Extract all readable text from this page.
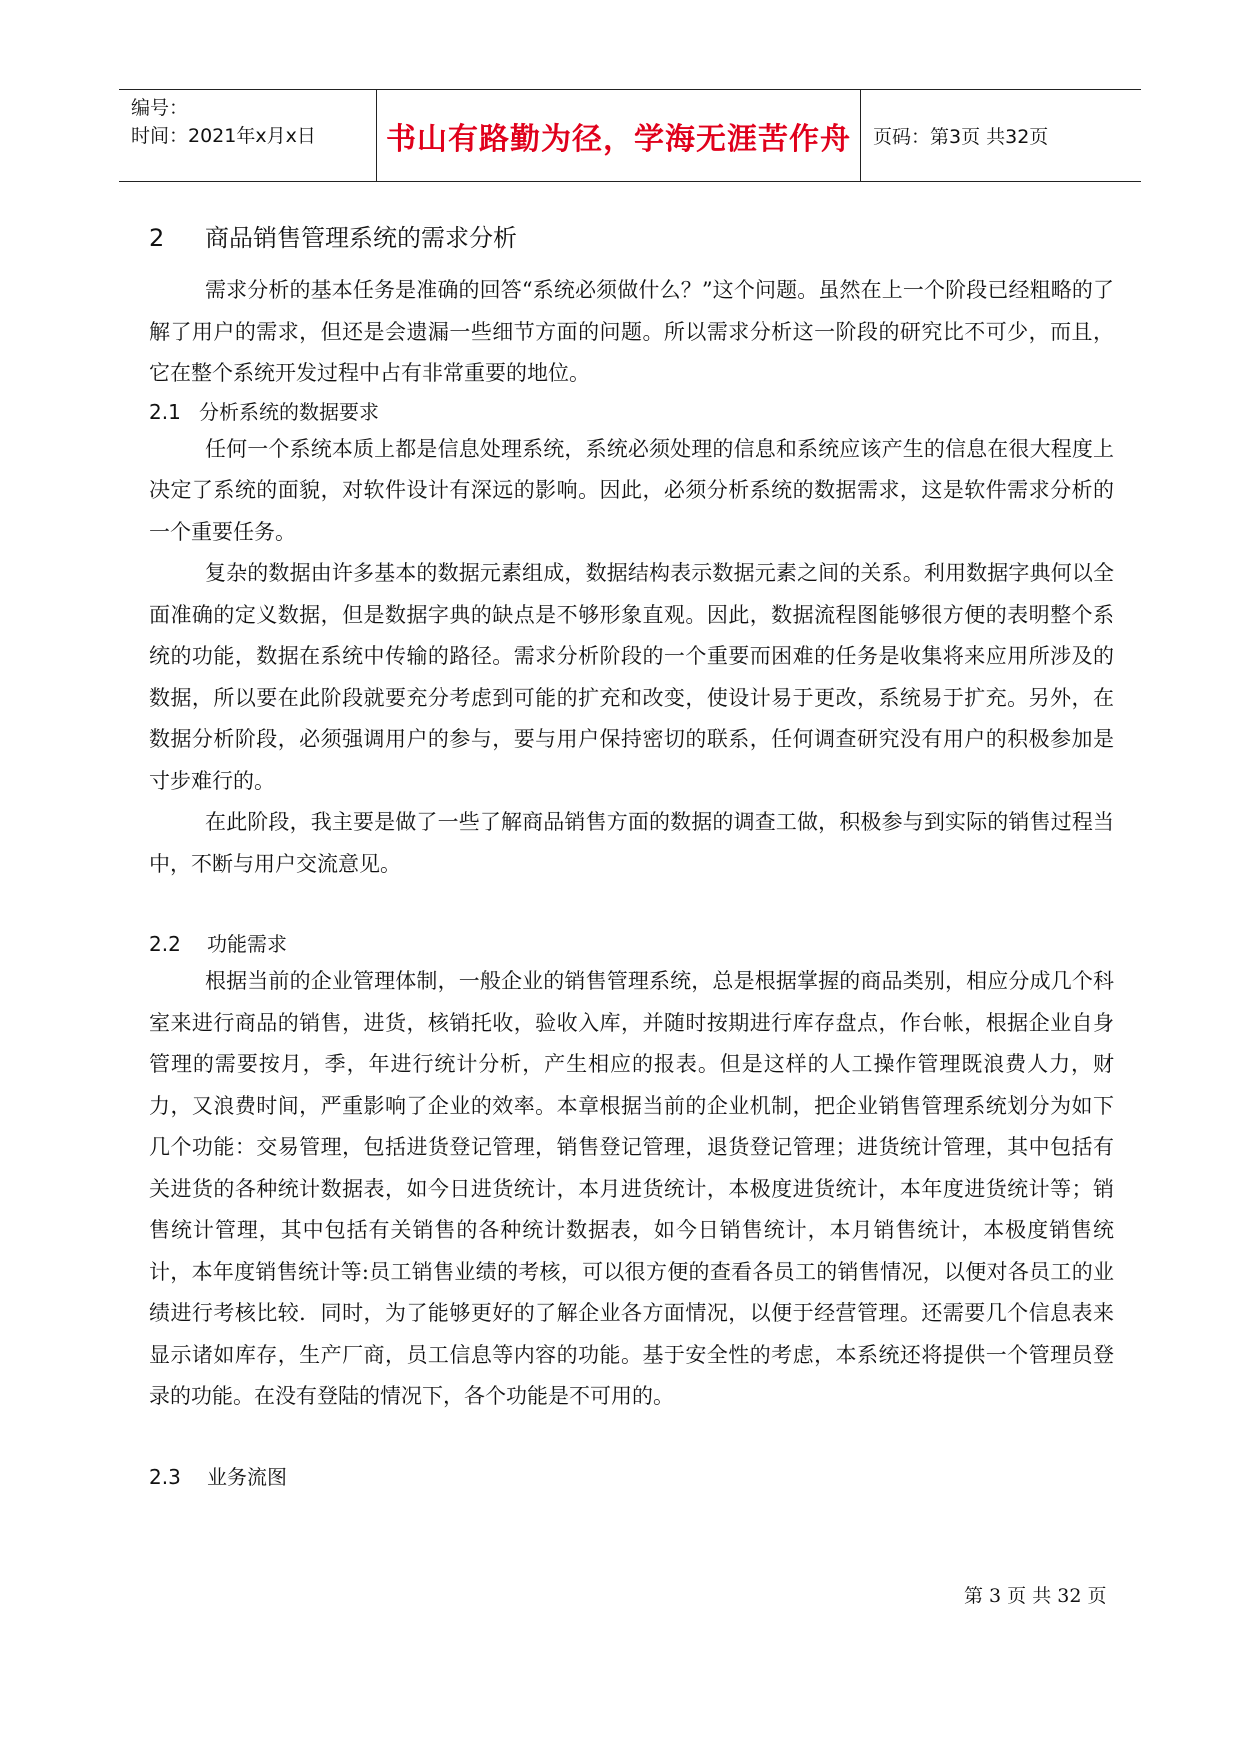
编号：
时间：2021年x月x日	书山有路勤为径，学海无涯苦作舟	页码：第3页 共32页
2 商品销售管理系统的需求分析

需求分析的基本任务是准确的回答“系统必须做什么？”这个问题。虽然在上一个阶段已经粗略的了解了用户的需求，但还是会遗漏一些细节方面的问题。所以需求分析这一阶段的研究比不可少，而且，它在整个系统开发过程中占有非常重要的地位。

2.1 分析系统的数据要求

任何一个系统本质上都是信息处理系统，系统必须处理的信息和系统应该产生的信息在很大程度上决定了系统的面貌，对软件设计有深远的影响。因此，必须分析系统的数据需求，这是软件需求分析的一个重要任务。

复杂的数据由许多基本的数据元素组成，数据结构表示数据元素之间的关系。利用数据字典何以全面准确的定义数据，但是数据字典的缺点是不够形象直观。因此，数据流程图能够很方便的表明整个系统的功能，数据在系统中传输的路径。需求分析阶段的一个重要而困难的任务是收集将来应用所涉及的数据，所以要在此阶段就要充分考虑到可能的扩充和改变，使设计易于更改，系统易于扩充。另外，在数据分析阶段，必须强调用户的参与，要与用户保持密切的联系，任何调查研究没有用户的积极参加是寸步难行的。

在此阶段，我主要是做了一些了解商品销售方面的数据的调查工做，积极参与到实际的销售过程当中，不断与用户交流意见。

2.2 功能需求

根据当前的企业管理体制，一般企业的销售管理系统，总是根据掌握的商品类别，相应分成几个科室来进行商品的销售，进货，核销托收，验收入库，并随时按期进行库存盘点，作台帐，根据企业自身管理的需要按月，季，年进行统计分析，产生相应的报表。但是这样的人工操作管理既浪费人力，财力，又浪费时间，严重影响了企业的效率。本章根据当前的企业机制，把企业销售管理系统划分为如下几个功能：交易管理，包括进货登记管理，销售登记管理，退货登记管理；进货统计管理，其中包括有关进货的各种统计数据表，如今日进货统计，本月进货统计，本极度进货统计，本年度进货统计等；销售统计管理，其中包括有关销售的各种统计数据表，如今日销售统计，本月销售统计，本极度销售统计，本年度销售统计等:员工销售业绩的考核，可以很方便的查看各员工的销售情况，以便对各员工的业绩进行考核比较．同时，为了能够更好的了解企业各方面情况，以便于经营管理。还需要几个信息表来显示诸如库存，生产厂商，员工信息等内容的功能。基于安全性的考虑，本系统还将提供一个管理员登录的功能。在没有登陆的情况下，各个功能是不可用的。

2.3 业务流图
第 3 页 共 32 页
